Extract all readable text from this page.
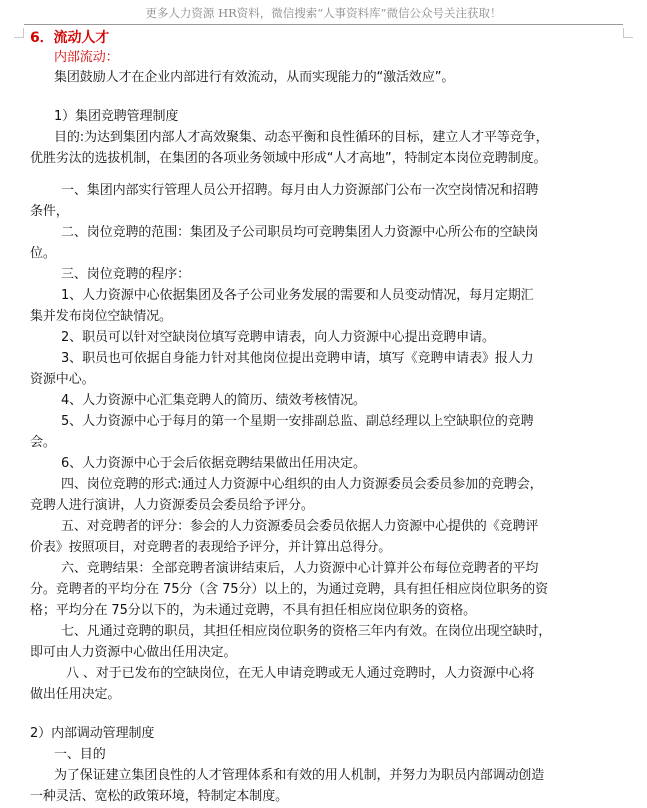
更多人力资源 HR资料，微信搜索“人事资料库”微信公众号关注获取！
6．流动人才
内部流动：
集团鼓励人才在企业内部进行有效流动，从而实现能力的“激活效应”。
1）集团竞聘管理制度
目的:为达到集团内部人才高效聚集、动态平衡和良性循环的目标，建立人才平等竞争，
优胜劣汰的选拔机制，在集团的各项业务领域中形成“人才高地”，特制定本岗位竞聘制度。
一、集团内部实行管理人员公开招聘。每月由人力资源部门公布一次空岗情况和招聘
条件，
二、岗位竞聘的范围：集团及子公司职员均可竞聘集团人力资源中心所公布的空缺岗
位。
三、岗位竞聘的程序：
1、人力资源中心依据集团及各子公司业务发展的需要和人员变动情况，每月定期汇
集并发布岗位空缺情况。
2、职员可以针对空缺岗位填写竞聘申请表，向人力资源中心提出竞聘申请。
3、职员也可依据自身能力针对其他岗位提出竞聘申请，填写《竞聘申请表》报人力
资源中心。
4、人力资源中心汇集竞聘人的简历、绩效考核情况。
5、人力资源中心于每月的第一个星期一安排副总监、副总经理以上空缺职位的竞聘
会。
6、人力资源中心于会后依据竞聘结果做出任用决定。
四、岗位竞聘的形式:通过人力资源中心组织的由人力资源委员会委员参加的竞聘会，
竞聘人进行演讲，人力资源委员会委员给予评分。
五、对竞聘者的评分：参会的人力资源委员会委员依据人力资源中心提供的《竞聘评
价表》按照项目，对竞聘者的表现给予评分，并计算出总得分。
六、竞聘结果：全部竞聘者演讲结束后，人力资源中心计算并公布每位竞聘者的平均
分。竞聘者的平均分在 75分（含 75分）以上的，为通过竞聘，具有担任相应岗位职务的资
格；平均分在 75分以下的，为未通过竞聘，不具有担任相应岗位职务的资格。
七、凡通过竞聘的职员，其担任相应岗位职务的资格三年内有效。在岗位出现空缺时，
即可由人力资源中心做出任用决定。
八 、对于已发布的空缺岗位，在无人申请竞聘或无人通过竞聘时，人力资源中心将
做出任用决定。
2）内部调动管理制度
一、目的
为了保证建立集团良性的人才管理体系和有效的用人机制，并努力为职员内部调动创造
一种灵活、宽松的政策环境，特制定本制度。
